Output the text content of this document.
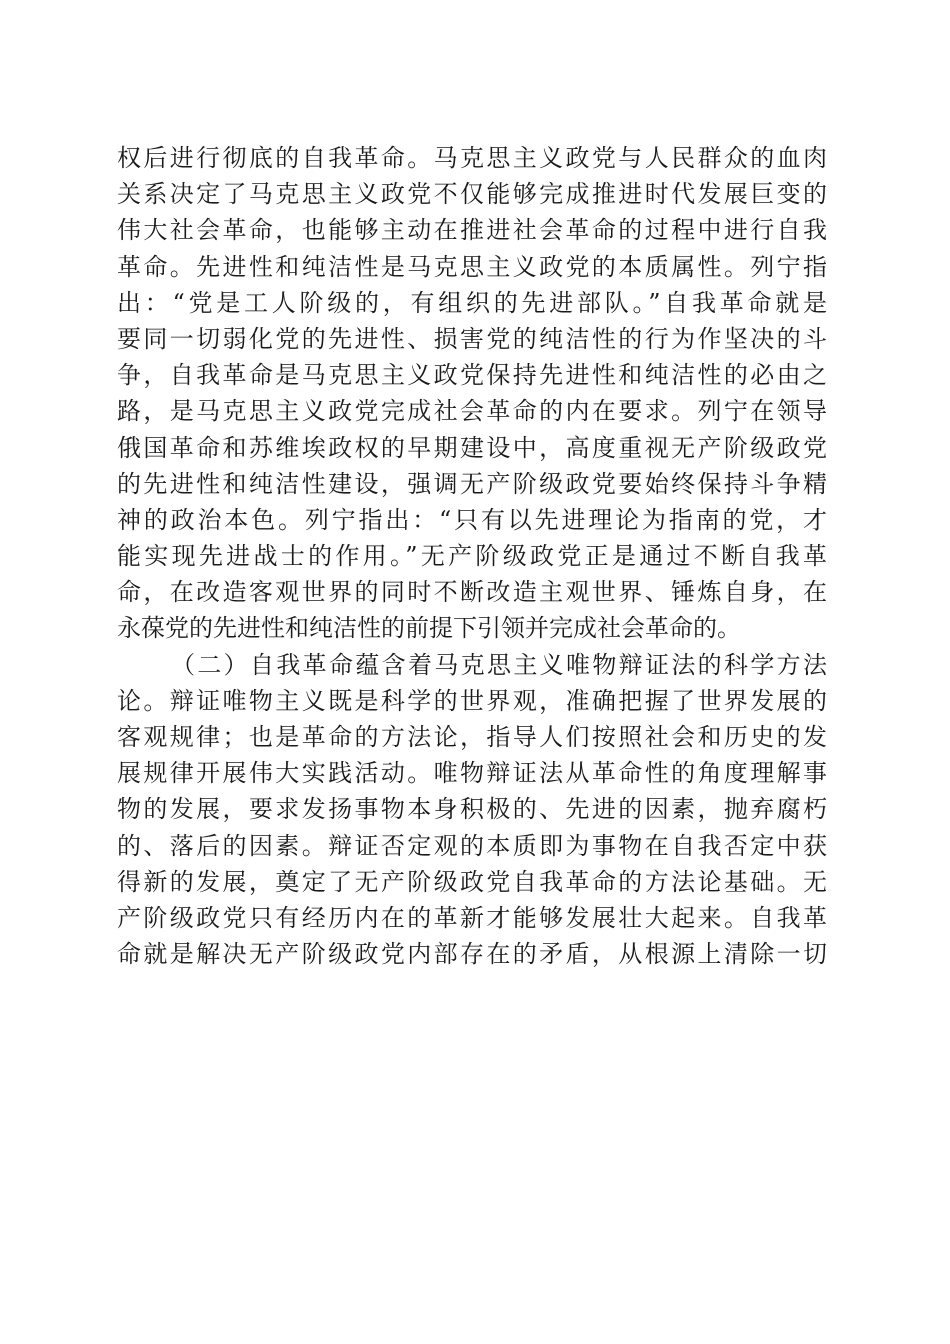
权后进行彻底的自我革命。马克思主义政党与人民群众的血肉
关系决定了马克思主义政党不仅能够完成推进时代发展巨变的
伟大社会革命，也能够主动在推进社会革命的过程中进行自我
革命。先进性和纯洁性是马克思主义政党的本质属性。列宁指
出：“党是工人阶级的，有组织的先进部队。”自我革命就是
要同一切弱化党的先进性、损害党的纯洁性的行为作坚决的斗
争，自我革命是马克思主义政党保持先进性和纯洁性的必由之
路，是马克思主义政党完成社会革命的内在要求。列宁在领导
俄国革命和苏维埃政权的早期建设中，高度重视无产阶级政党
的先进性和纯洁性建设，强调无产阶级政党要始终保持斗争精
神的政治本色。列宁指出：“只有以先进理论为指南的党，才
能实现先进战士的作用。”无产阶级政党正是通过不断自我革
命，在改造客观世界的同时不断改造主观世界、锤炼自身，在
永葆党的先进性和纯洁性的前提下引领并完成社会革命的。
（二）自我革命蕴含着马克思主义唯物辩证法的科学方法
论。辩证唯物主义既是科学的世界观，准确把握了世界发展的
客观规律；也是革命的方法论，指导人们按照社会和历史的发
展规律开展伟大实践活动。唯物辩证法从革命性的角度理解事
物的发展，要求发扬事物本身积极的、先进的因素，抛弃腐朽
的、落后的因素。辩证否定观的本质即为事物在自我否定中获
得新的发展，奠定了无产阶级政党自我革命的方法论基础。无
产阶级政党只有经历内在的革新才能够发展壮大起来。自我革
命就是解决无产阶级政党内部存在的矛盾，从根源上清除一切
